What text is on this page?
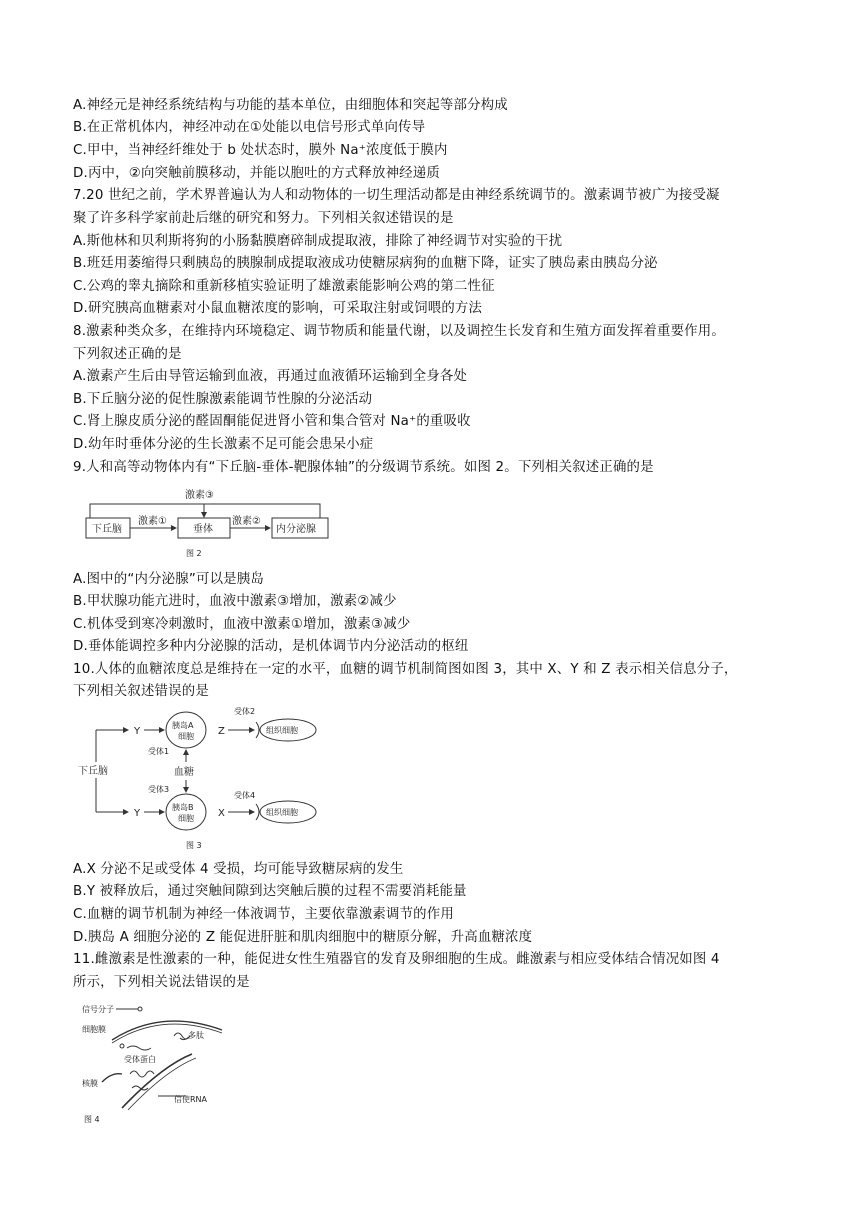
A.神经元是神经系统结构与功能的基本单位，由细胞体和突起等部分构成
B.在正常机体内，神经冲动在①处能以电信号形式单向传导
C.甲中，当神经纤维处于 b 处状态时，膜外 Na⁺浓度低于膜内
D.丙中，②向突触前膜移动，并能以胞吐的方式释放神经递质
7.20 世纪之前，学术界普遍认为人和动物体的一切生理活动都是由神经系统调节的。激素调节被广为接受凝
聚了许多科学家前赴后继的研究和努力。下列相关叙述错误的是
A.斯他林和贝利斯将狗的小肠黏膜磨碎制成提取液，排除了神经调节对实验的干扰
B.班廷用萎缩得只剩胰岛的胰腺制成提取液成功使糖尿病狗的血糖下降，证实了胰岛素由胰岛分泌
C.公鸡的睾丸摘除和重新移植实验证明了雄激素能影响公鸡的第二性征
D.研究胰高血糖素对小鼠血糖浓度的影响，可采取注射或饲喂的方法
8.激素种类众多，在维持内环境稳定、调节物质和能量代谢，以及调控生长发育和生殖方面发挥着重要作用。
下列叙述正确的是
A.激素产生后由导管运输到血液，再通过血液循环运输到全身各处
B.下丘脑分泌的促性腺激素能调节性腺的分泌活动
C.肾上腺皮质分泌的醛固酮能促进肾小管和集合管对 Na⁺的重吸收
D.幼年时垂体分泌的生长激素不足可能会患呆小症
9.人和高等动物体内有“下丘脑-垂体-靶腺体轴”的分级调节系统。如图 2。下列相关叙述正确的是
激素③
下丘脑
激素①
垂体
激素②
内分泌腺
图 2
A.图中的“内分泌腺”可以是胰岛
B.甲状腺功能亢进时，血液中激素③增加，激素②减少
C.机体受到寒冷刺激时，血液中激素①增加，激素③减少
D.垂体能调控多种内分泌腺的活动，是机体调节内分泌活动的枢纽
10.人体的血糖浓度总是维持在一定的水平，血糖的调节机制简图如图 3，其中 X、Y 和 Z 表示相关信息分子，
下列相关叙述错误的是
下丘脑
Y
Y
胰岛A
细胞
胰岛B
细胞
受体1
受体3
血糖
Z
X
受体2
受体4
组织细胞
组织细胞
图 3
A.X 分泌不足或受体 4 受损，均可能导致糖尿病的发生
B.Y 被释放后，通过突触间隙到达突触后膜的过程不需要消耗能量
C.血糖的调节机制为神经一体液调节，主要依靠激素调节的作用
D.胰岛 A 细胞分泌的 Z 能促进肝脏和肌肉细胞中的糖原分解，升高血糖浓度
11.雌激素是性激素的一种，能促进女性生殖器官的发育及卵细胞的生成。雌激素与相应受体结合情况如图 4
所示，下列相关说法错误的是
信号分子
细胞膜
受体蛋白
多肽
核膜
信使RNA
图 4
